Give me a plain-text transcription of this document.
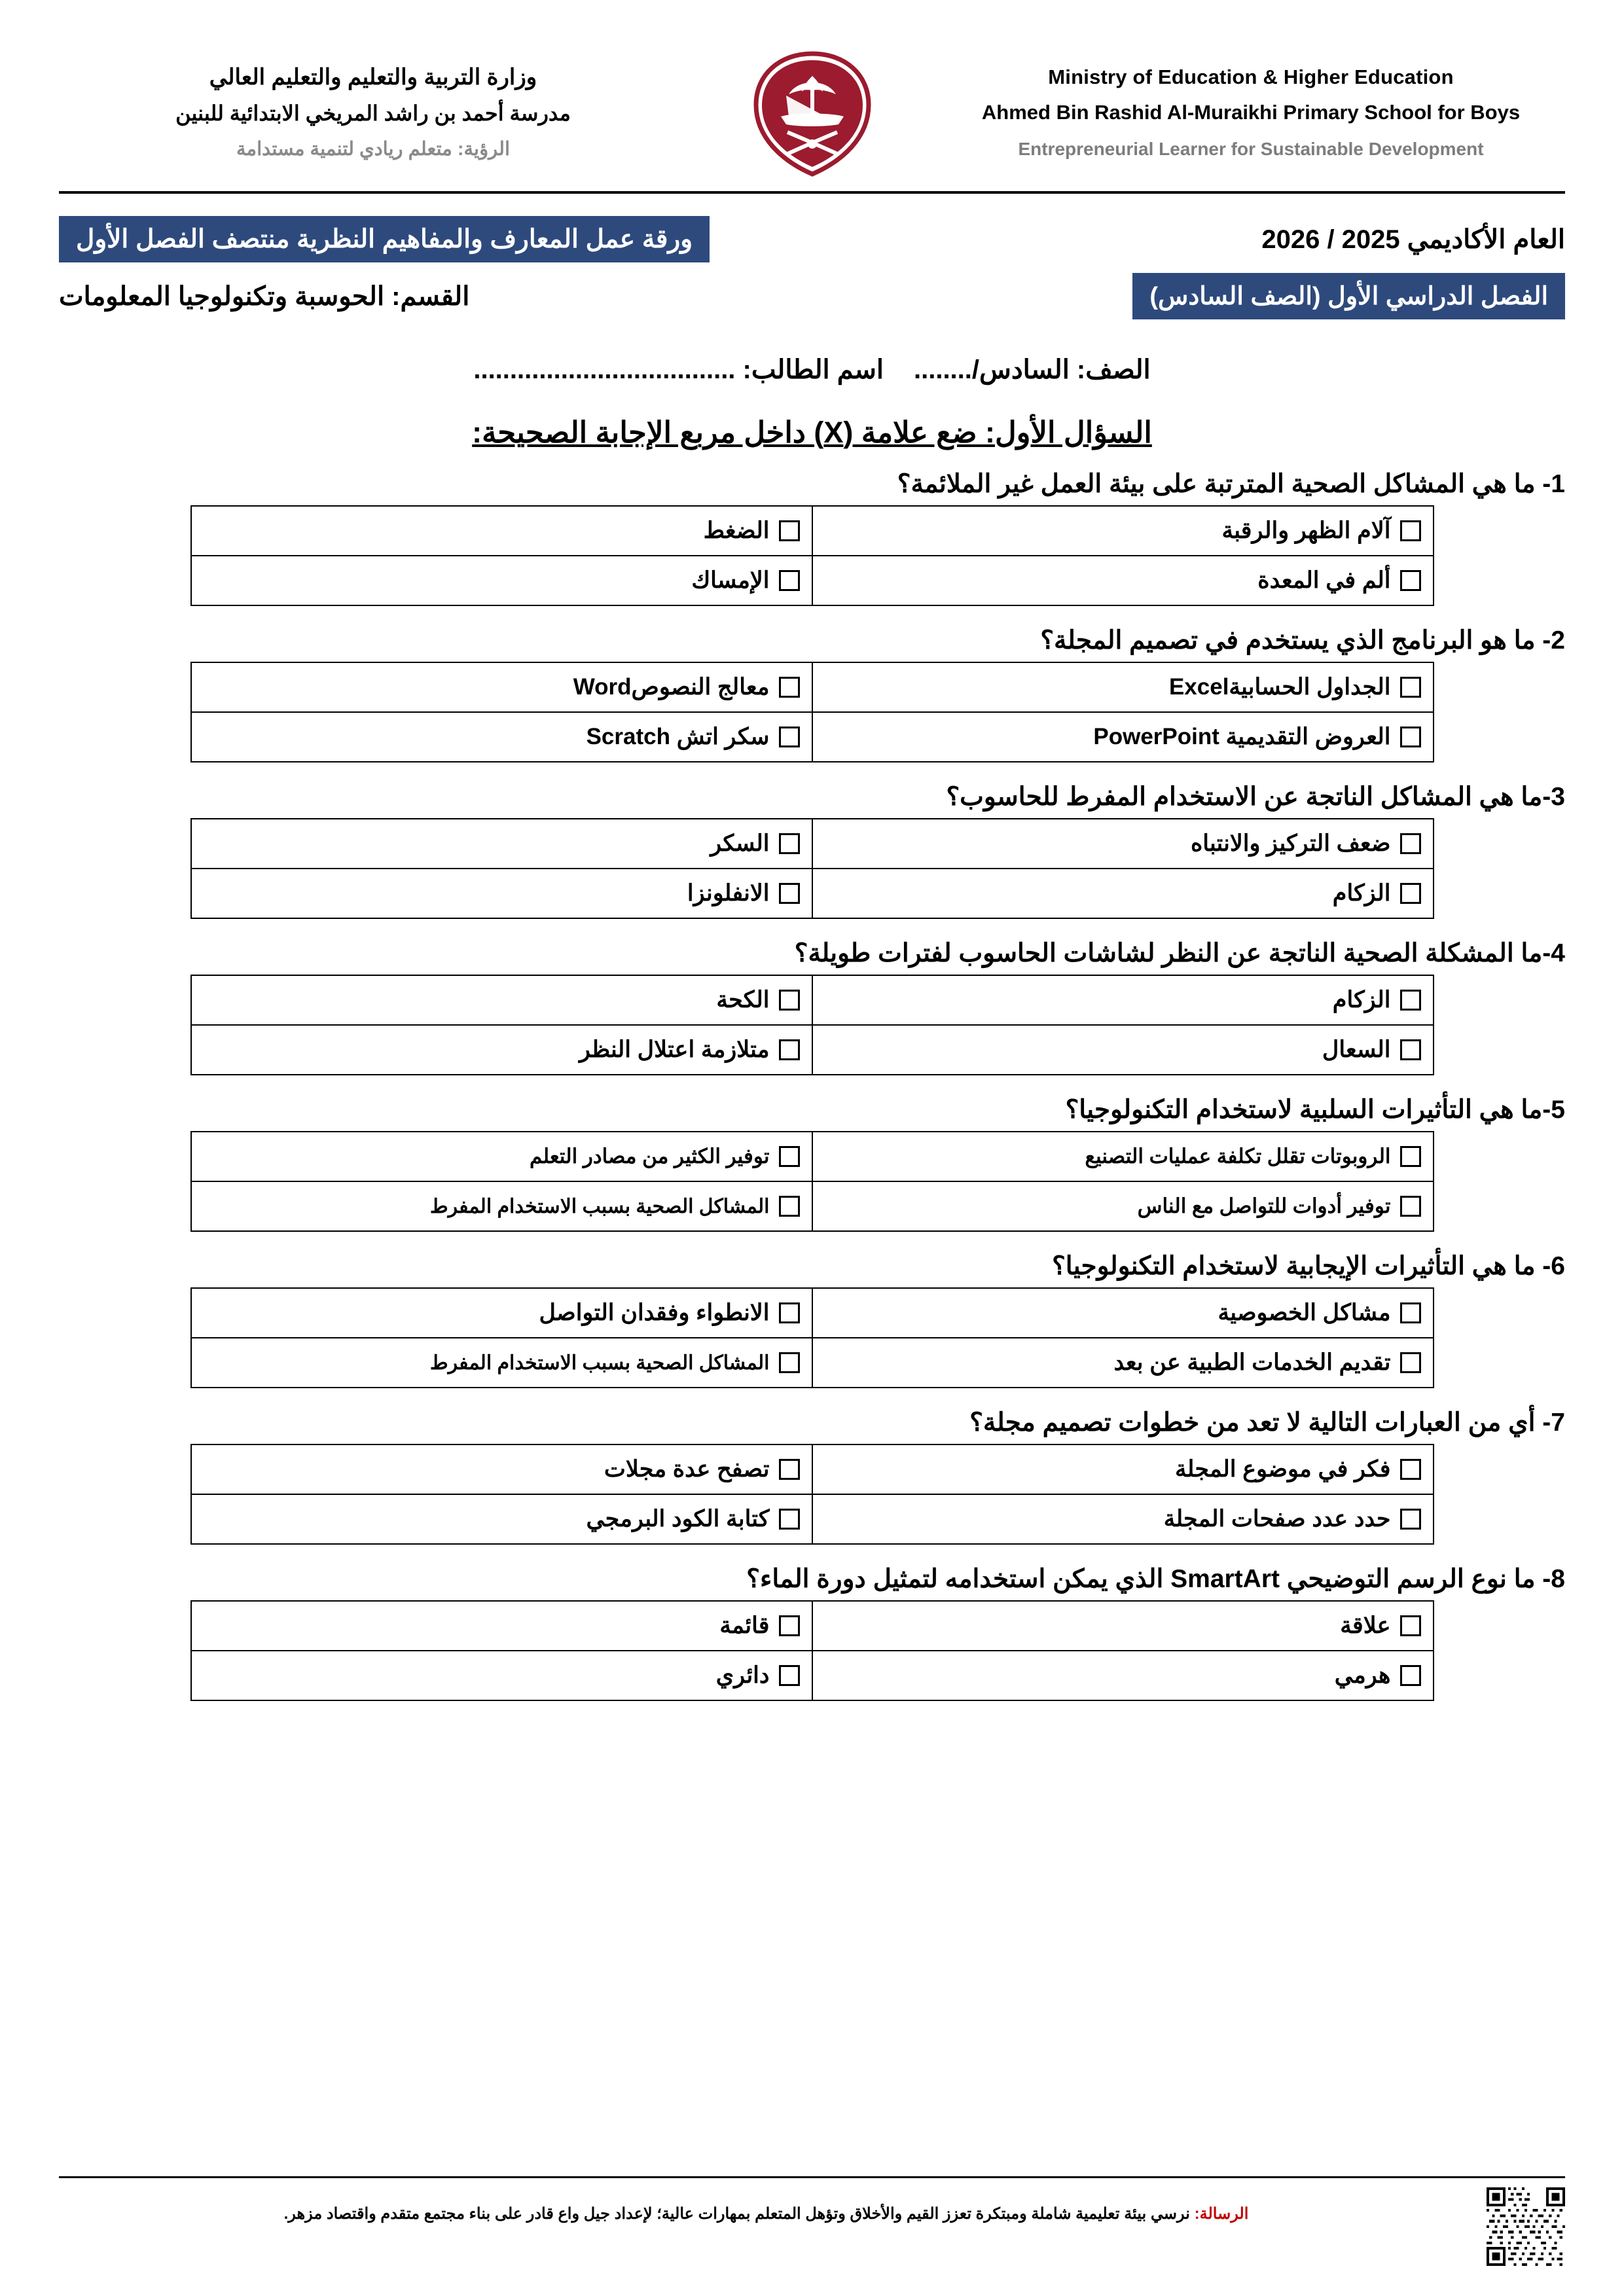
Ministry of Education & Higher Education
Ahmed Bin Rashid Al-Muraikhi Primary School for Boys
Entrepreneurial Learner for Sustainable Development
وزارة التربية والتعليم والتعليم العالي
مدرسة أحمد بن راشد المريخي الابتدائية للبنين
الرؤية: متعلم ريادي لتنمية مستدامة
العام الأكاديمي 2025 / 2026
ورقة عمل المعارف والمفاهيم النظرية منتصف الفصل الأول
الفصل الدراسي الأول (الصف السادس)
القسم: الحوسبة وتكنولوجيا المعلومات
الصف: السادس/........
اسم الطالب: ....................................
السؤال الأول: ضع علامة (X) داخل مربع الإجابة الصحيحة:
1- ما هي المشاكل الصحية المترتبة على بيئة العمل غير الملائمة؟
آلام الظهر والرقبة	الضغط

ألم في المعدة	الإمساك
2- ما هو البرنامج الذي يستخدم في تصميم المجلة؟
الجداول الحسابيةExcel	معالج النصوصWord

العروض التقديمية PowerPoint	سكر اتش Scratch
3-ما هي المشاكل الناتجة عن الاستخدام المفرط للحاسوب؟
ضعف التركيز والانتباه	السكر

الزكام	الانفلونزا
4-ما المشكلة الصحية الناتجة عن النظر لشاشات الحاسوب لفترات طويلة؟
الزكام	الكحة

السعال	متلازمة اعتلال النظر
5-ما هي التأثيرات السلبية لاستخدام التكنولوجيا؟
الروبوتات تقلل تكلفة عمليات التصنيع	توفير الكثير من مصادر التعلم

توفير أدوات للتواصل مع الناس	المشاكل الصحية بسبب الاستخدام المفرط
6- ما هي التأثيرات الإيجابية لاستخدام التكنولوجيا؟
مشاكل الخصوصية	الانطواء وفقدان التواصل

تقديم الخدمات الطبية عن بعد	المشاكل الصحية بسبب الاستخدام المفرط
7- أي من العبارات التالية لا تعد من خطوات تصميم مجلة؟
فكر في موضوع المجلة	تصفح عدة مجلات

حدد عدد صفحات المجلة	كتابة الكود البرمجي
8- ما نوع الرسم التوضيحي SmartArt الذي يمكن استخدامه لتمثيل دورة الماء؟
علاقة	قائمة

هرمي	دائري
الرسالة: نرسي بيئة تعليمية شاملة ومبتكرة تعزز القيم والأخلاق وتؤهل المتعلم بمهارات عالية؛ لإعداد جيل واع قادر على بناء مجتمع متقدم واقتصاد مزهر.
